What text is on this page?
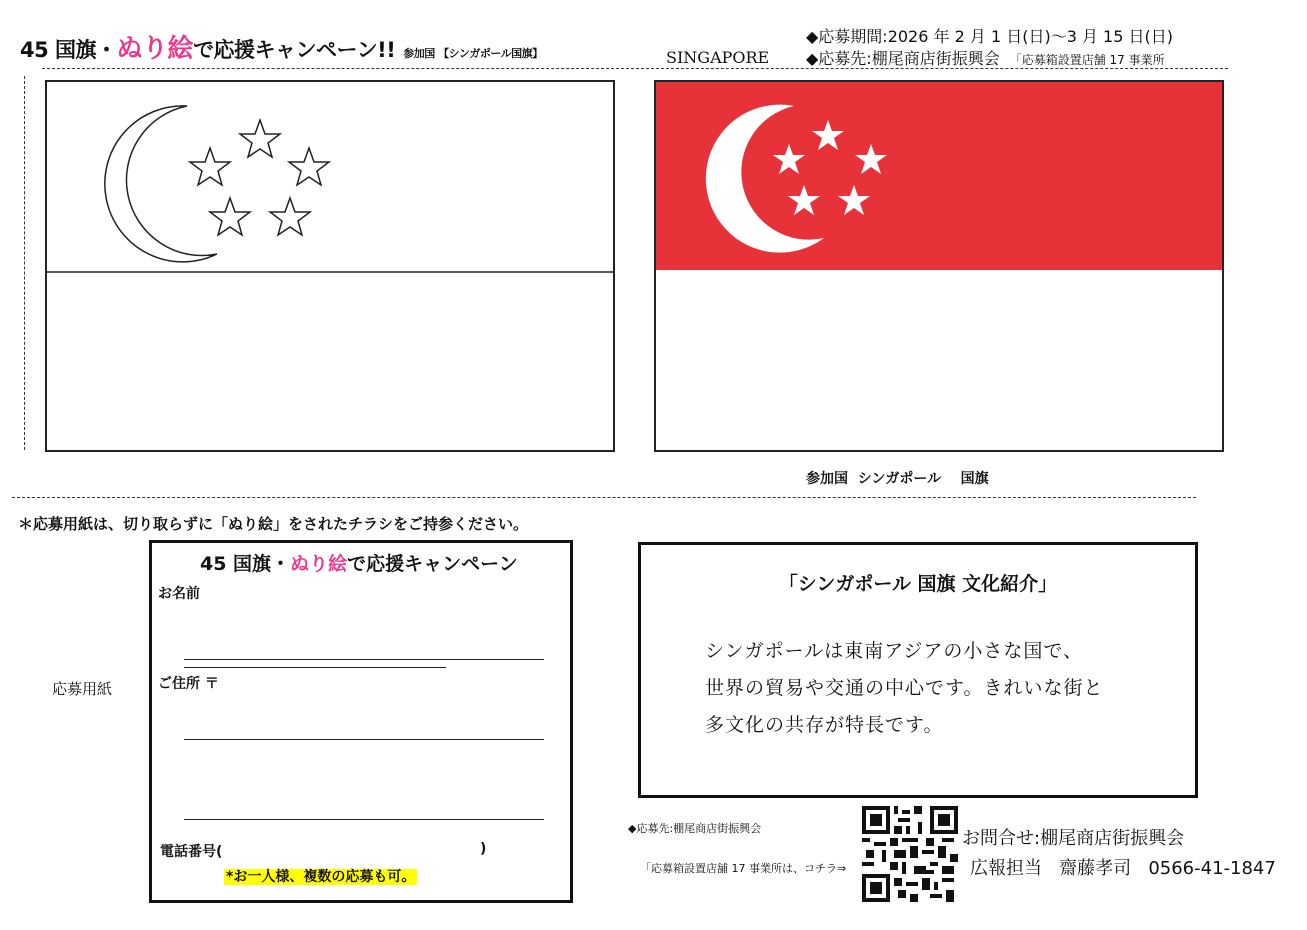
45 国旗・ぬり絵で応援キャンペーン!! 参加国 【シンガポール国旗】
◆応募期間:2026 年 2 月 1 日(日)～3 月 15 日(日)
◆応募先:棚尾商店街振興会 「応募箱設置店舗 17 事業所
SINGAPORE
参加国  シンガポール    国旗
＊応募用紙は、切り取らずに「ぬり絵」をされたチラシをご持参ください。
応募用紙
45 国旗・ぬり絵で応援キャンペーン
お名前
ご住所 〒
電話番号(	)
*お一人様、複数の応募も可。
「シンガポール 国旗 文化紹介」
シンガポールは東南アジアの小さな国で、
世界の貿易や交通の中心です。きれいな街と
多文化の共存が特長です。
◆応募先:棚尾商店街振興会
「応募箱設置店舗 17 事業所は、コチラ⇒
お問合せ:棚尾商店街振興会
広報担当   齋藤孝司   0566-41-1847
